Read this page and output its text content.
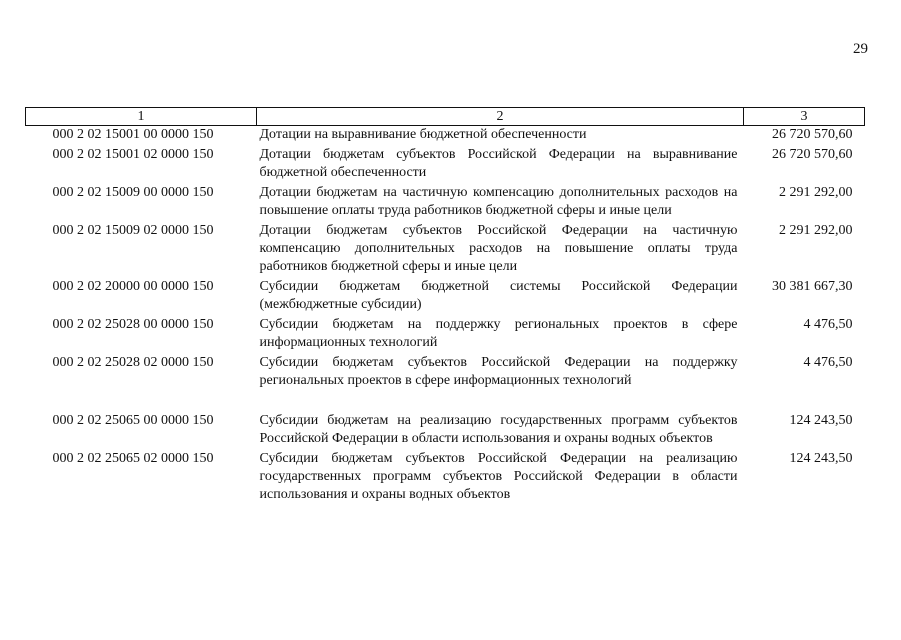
29
1	2	3
000 2 02 15001 00 0000 150	Дотации на выравнивание бюджетной обеспеченности	26 720 570,60
000 2 02 15001 02 0000 150	Дотации бюджетам субъектов Российской Федерации на выравнивание бюджетной обеспеченности	26 720 570,60
000 2 02 15009 00 0000 150	Дотации бюджетам на частичную компенсацию дополнительных расходов на повышение оплаты труда работников бюджетной сферы и иные цели	2 291 292,00
000 2 02 15009 02 0000 150	Дотации бюджетам субъектов Российской Федерации на частичную компенсацию дополнительных расходов на повышение оплаты труда работников бюджетной сферы и иные цели	2 291 292,00
000 2 02 20000 00 0000 150	Субсидии бюджетам бюджетной системы Российской Федерации (межбюджетные субсидии)	30 381 667,30
000 2 02 25028 00 0000 150	Субсидии бюджетам на поддержку региональных проектов в сфере информационных технологий	4 476,50
000 2 02 25028 02 0000 150	Субсидии бюджетам субъектов Российской Федерации на поддержку региональных проектов в сфере информационных технологий	4 476,50
000 2 02 25065 00 0000 150	Субсидии бюджетам на реализацию государственных программ субъектов Российской Федерации в области использования и охраны водных объектов	124 243,50
000 2 02 25065 02 0000 150	Субсидии бюджетам субъектов Российской Федерации на реализацию государственных программ субъектов Российской Федерации в области использования и охраны водных объектов	124 243,50
